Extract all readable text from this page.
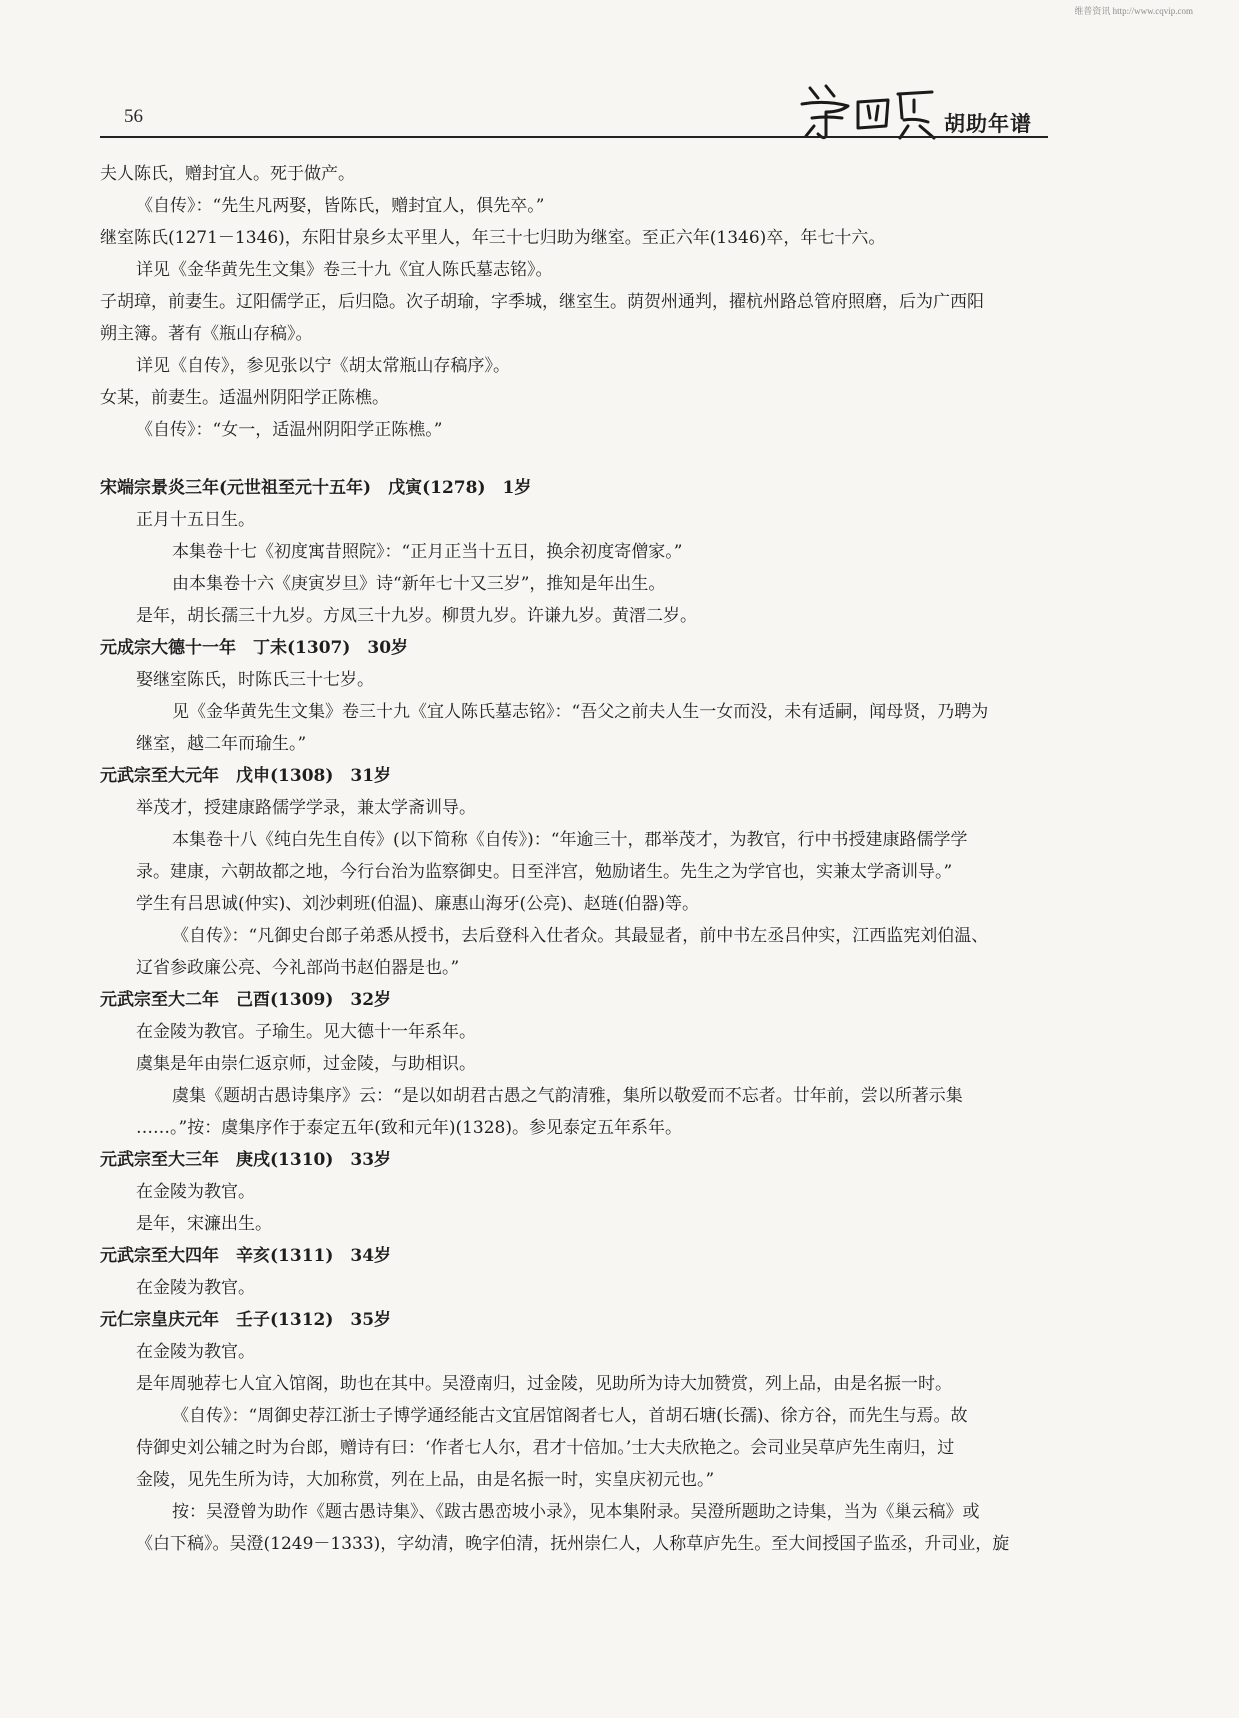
维普资讯 http://www.cqvip.com
56	胡助年谱

夫人陈氏，赠封宜人。死于做产。

《自传》：“先生凡两娶，皆陈氏，赠封宜人，俱先卒。”

继室陈氏(1271－1346)，东阳甘泉乡太平里人，年三十七归助为继室。至正六年(1346)卒，年七十六。

详见《金华黄先生文集》卷三十九《宜人陈氏墓志铭》。

子胡璋，前妻生。辽阳儒学正，后归隐。次子胡瑜，字季城，继室生。荫贺州通判，擢杭州路总管府照磨，后为广西阳

朔主簿。著有《瓶山存稿》。

详见《自传》，参见张以宁《胡太常瓶山存稿序》。

女某，前妻生。适温州阴阳学正陈樵。

《自传》：“女一，适温州阴阳学正陈樵。”

宋端宗景炎三年(元世祖至元十五年)　戊寅(1278)　1岁

正月十五日生。

本集卷十七《初度寓昔照院》：“正月正当十五日，换余初度寄僧家。”

由本集卷十六《庚寅岁旦》诗“新年七十又三岁”，推知是年出生。

是年，胡长孺三十九岁。方凤三十九岁。柳贯九岁。许谦九岁。黄溍二岁。

元成宗大德十一年　丁未(1307)　30岁

娶继室陈氏，时陈氏三十七岁。

见《金华黄先生文集》卷三十九《宜人陈氏墓志铭》：“吾父之前夫人生一女而没，未有适嗣，闻母贤，乃聘为

继室，越二年而瑜生。”

元武宗至大元年　戊申(1308)　31岁

举茂才，授建康路儒学学录，兼太学斋训导。

本集卷十八《纯白先生自传》(以下简称《自传》)：“年逾三十，郡举茂才，为教官，行中书授建康路儒学学

录。建康，六朝故都之地，今行台治为监察御史。日至泮宫，勉励诸生。先生之为学官也，实兼太学斋训导。”

学生有吕思诚(仲实)、刘沙剌班(伯温)、廉惠山海牙(公亮)、赵琏(伯器)等。

《自传》：“凡御史台郎子弟悉从授书，去后登科入仕者众。其最显者，前中书左丞吕仲实，江西监宪刘伯温、

辽省参政廉公亮、今礼部尚书赵伯器是也。”

元武宗至大二年　己酉(1309)　32岁

在金陵为教官。子瑜生。见大德十一年系年。

虞集是年由崇仁返京师，过金陵，与助相识。

虞集《题胡古愚诗集序》云：“是以如胡君古愚之气韵清雅，集所以敬爱而不忘者。廿年前，尝以所著示集

……。”按：虞集序作于泰定五年(致和元年)(1328)。参见泰定五年系年。

元武宗至大三年　庚戌(1310)　33岁

在金陵为教官。

是年，宋濂出生。

元武宗至大四年　辛亥(1311)　34岁

在金陵为教官。

元仁宗皇庆元年　壬子(1312)　35岁

在金陵为教官。

是年周驰荐七人宜入馆阁，助也在其中。吴澄南归，过金陵，见助所为诗大加赞赏，列上品，由是名振一时。

《自传》：“周御史荐江浙士子博学通经能古文宜居馆阁者七人，首胡石塘(长孺)、徐方谷，而先生与焉。故

侍御史刘公辅之时为台郎，赠诗有曰：‘作者七人尔，君才十倍加。’士大夫欣艳之。会司业吴草庐先生南归，过

金陵，见先生所为诗，大加称赏，列在上品，由是名振一时，实皇庆初元也。”

按：吴澄曾为助作《题古愚诗集》、《跋古愚峦坡小录》，见本集附录。吴澄所题助之诗集，当为《巢云稿》或

《白下稿》。吴澄(1249－1333)，字幼清，晚字伯清，抚州崇仁人，人称草庐先生。至大间授国子监丞，升司业，旋
